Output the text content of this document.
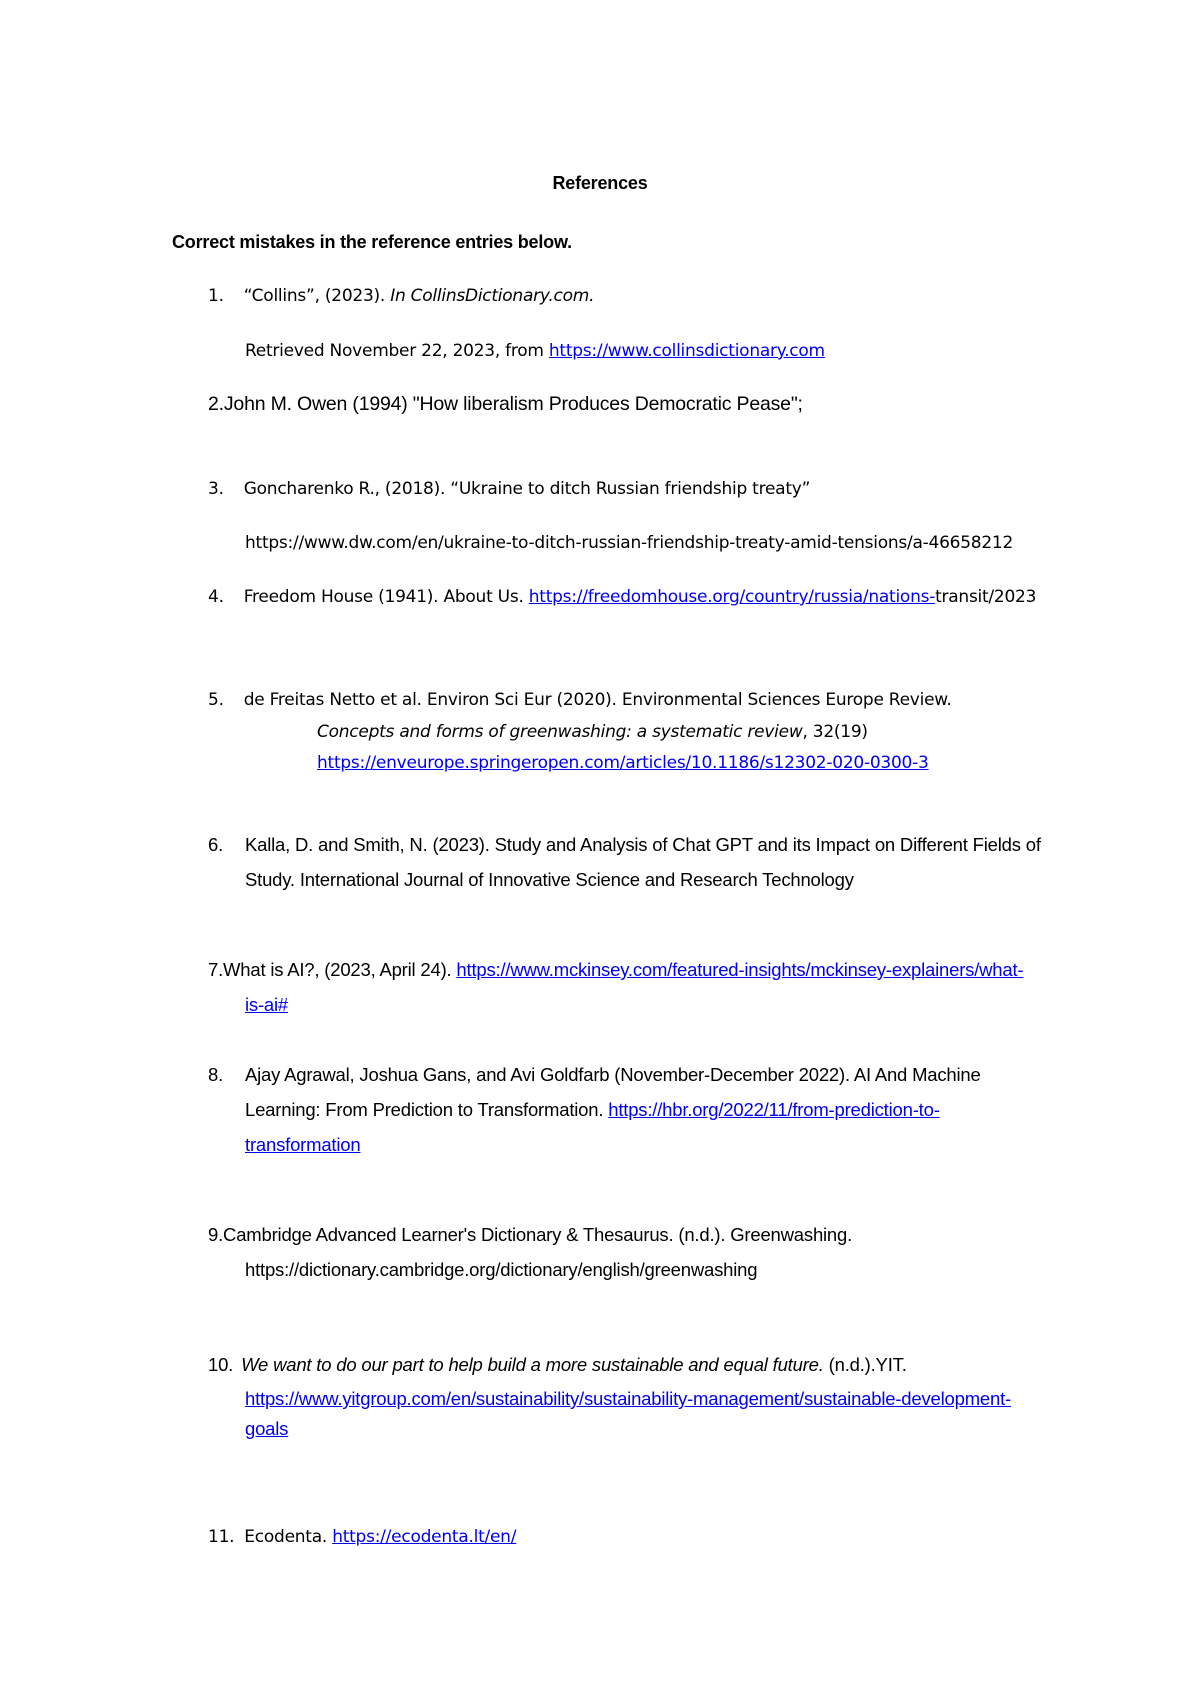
References
Correct mistakes in the reference entries below.
1. “Collins”, (2023). In CollinsDictionary.com.
Retrieved November 22, 2023, from https://www.collinsdictionary.com
2.John M. Owen (1994) "How liberalism Produces Democratic Pease";
3. Goncharenko R., (2018). “Ukraine to ditch Russian friendship treaty”
https://www.dw.com/en/ukraine-to-ditch-russian-friendship-treaty-amid-tensions/a-46658212
4. Freedom House (1941). About Us. https://freedomhouse.org/country/russia/nations-transit/2023
5. de Freitas Netto et al. Environ Sci Eur (2020). Environmental Sciences Europe Review.
Concepts and forms of greenwashing: a systematic review, 32(19)
https://enveurope.springeropen.com/articles/10.1186/s12302-020-0300-3
6. Kalla, D. and Smith, N. (2023). Study and Analysis of Chat GPT and its Impact on Different Fields of
Study. International Journal of Innovative Science and Research Technology
7.What is AI?, (2023, April 24). https://www.mckinsey.com/featured-insights/mckinsey-explainers/what-
is-ai#
8. Ajay Agrawal, Joshua Gans, and Avi Goldfarb (November-December 2022). AI And Machine
Learning: From Prediction to Transformation. https://hbr.org/2022/11/from-prediction-to-
transformation
9.Cambridge Advanced Learner's Dictionary & Thesaurus. (n.d.). Greenwashing.
https://dictionary.cambridge.org/dictionary/english/greenwashing
10. We want to do our part to help build a more sustainable and equal future. (n.d.).YIT.
https://www.yitgroup.com/en/sustainability/sustainability-management/sustainable-development-
goals
11. Ecodenta. https://ecodenta.lt/en/
